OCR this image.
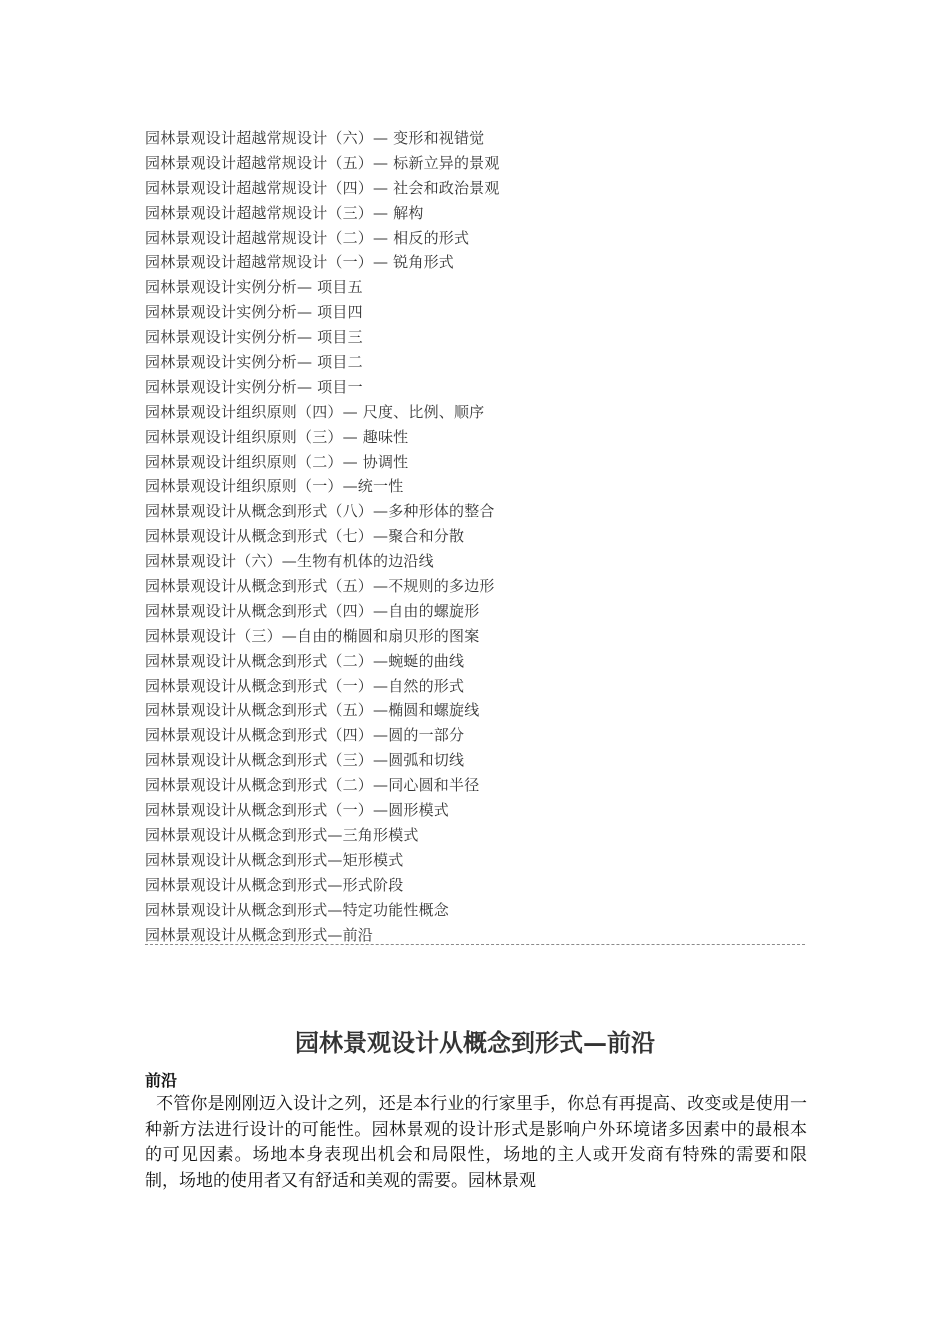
园林景观设计超越常规设计（六）— 变形和视错觉
园林景观设计超越常规设计（五）— 标新立异的景观
园林景观设计超越常规设计（四）— 社会和政治景观
园林景观设计超越常规设计（三）— 解构
园林景观设计超越常规设计（二）— 相反的形式
园林景观设计超越常规设计（一）— 锐角形式
园林景观设计实例分析— 项目五
园林景观设计实例分析— 项目四
园林景观设计实例分析— 项目三
园林景观设计实例分析— 项目二
园林景观设计实例分析— 项目一
园林景观设计组织原则（四）— 尺度、比例、顺序
园林景观设计组织原则（三）— 趣味性
园林景观设计组织原则（二）— 协调性
园林景观设计组织原则（一）—统一性
园林景观设计从概念到形式（八）—多种形体的整合
园林景观设计从概念到形式（七）—聚合和分散
园林景观设计（六）—生物有机体的边沿线
园林景观设计从概念到形式（五）—不规则的多边形
园林景观设计从概念到形式（四）—自由的螺旋形
园林景观设计（三）—自由的椭圆和扇贝形的图案
园林景观设计从概念到形式（二）—蜿蜒的曲线
园林景观设计从概念到形式（一）—自然的形式
园林景观设计从概念到形式（五）—椭圆和螺旋线
园林景观设计从概念到形式（四）—圆的一部分
园林景观设计从概念到形式（三）—圆弧和切线
园林景观设计从概念到形式（二）—同心圆和半径
园林景观设计从概念到形式（一）—圆形模式
园林景观设计从概念到形式—三角形模式
园林景观设计从概念到形式—矩形模式
园林景观设计从概念到形式—形式阶段
园林景观设计从概念到形式—特定功能性概念
园林景观设计从概念到形式—前沿
园林景观设计从概念到形式—前沿
前沿

不管你是刚刚迈入设计之列，还是本行业的行家里手，你总有再提高、改变或是使用一种新方法进行设计的可能性。园林景观的设计形式是影响户外环境诸多因素中的最根本的可见因素。场地本身表现出机会和局限性，场地的主人或开发商有特殊的需要和限制，场地的使用者又有舒适和美观的需要。园林景观
